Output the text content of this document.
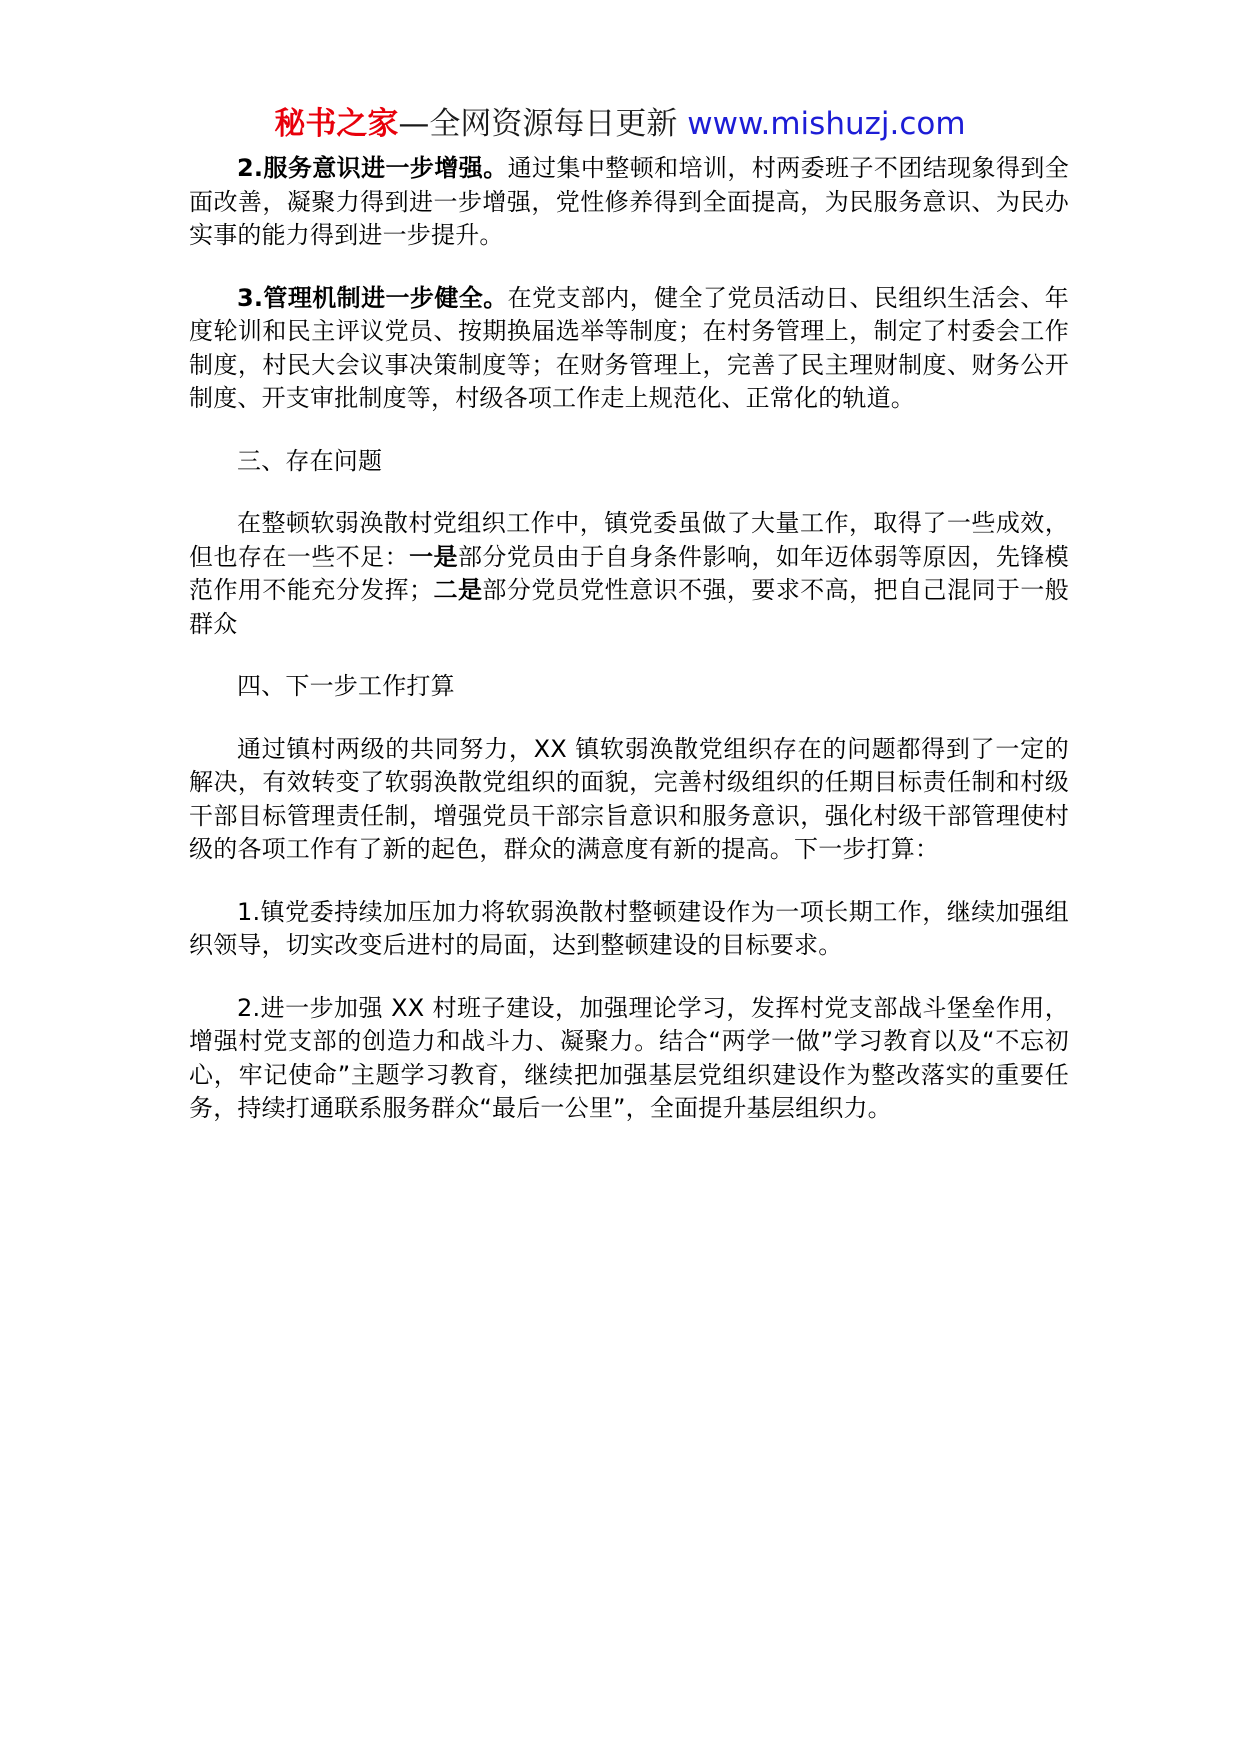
秘书之家—全网资源每日更新 www.mishuzj.com

2.服务意识进一步增强。通过集中整顿和培训，村两委班子不团结现象得到全面改善，凝聚力得到进一步增强，党性修养得到全面提高，为民服务意识、为民办实事的能力得到进一步提升。

3.管理机制进一步健全。在党支部内，健全了党员活动日、民组织生活会、年度轮训和民主评议党员、按期换届选举等制度；在村务管理上，制定了村委会工作制度，村民大会议事决策制度等；在财务管理上，完善了民主理财制度、财务公开制度、开支审批制度等，村级各项工作走上规范化、正常化的轨道。

三、存在问题

在整顿软弱涣散村党组织工作中，镇党委虽做了大量工作，取得了一些成效，但也存在一些不足：一是部分党员由于自身条件影响，如年迈体弱等原因，先锋模范作用不能充分发挥；二是部分党员党性意识不强，要求不高，把自己混同于一般群众

四、下一步工作打算

通过镇村两级的共同努力，XX 镇软弱涣散党组织存在的问题都得到了一定的解决，有效转变了软弱涣散党组织的面貌，完善村级组织的任期目标责任制和村级干部目标管理责任制，增强党员干部宗旨意识和服务意识，强化村级干部管理使村级的各项工作有了新的起色，群众的满意度有新的提高。下一步打算：

1.镇党委持续加压加力将软弱涣散村整顿建设作为一项长期工作，继续加强组织领导，切实改变后进村的局面，达到整顿建设的目标要求。

2.进一步加强 XX 村班子建设，加强理论学习，发挥村党支部战斗堡垒作用，增强村党支部的创造力和战斗力、凝聚力。结合“两学一做”学习教育以及“不忘初心，牢记使命”主题学习教育，继续把加强基层党组织建设作为整改落实的重要任务，持续打通联系服务群众“最后一公里”，全面提升基层组织力。
